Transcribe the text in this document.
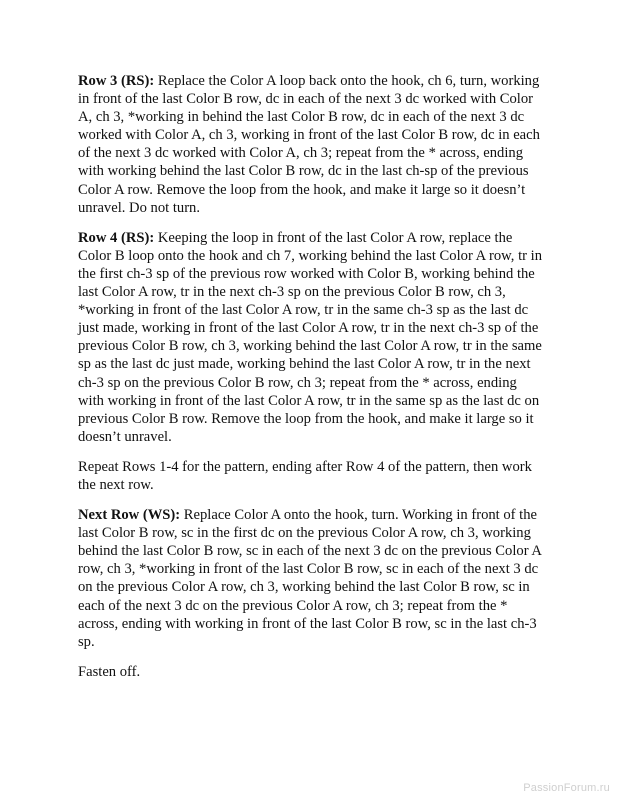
Row 3 (RS): Replace the Color A loop back onto the hook, ch 6, turn, working in front of the last Color B row, dc in each of the next 3 dc worked with Color A, ch 3, *working in behind the last Color B row, dc in each of the next 3 dc worked with Color A, ch 3, working in front of the last Color B row, dc in each of the next 3 dc worked with Color A, ch 3; repeat from the * across, ending with working behind the last Color B row, dc in the last ch-sp of the previous Color A row. Remove the loop from the hook, and make it large so it doesn’t unravel. Do not turn.

Row 4 (RS): Keeping the loop in front of the last Color A row, replace the Color B loop onto the hook and ch 7, working behind the last Color A row, tr in the first ch-3 sp of the previous row worked with Color B, working behind the last Color A row, tr in the next ch-3 sp on the previous Color B row, ch 3, *working in front of the last Color A row, tr in the same ch-3 sp as the last dc just made, working in front of the last Color A row, tr in the next ch-3 sp of the previous Color B row, ch 3, working behind the last Color A row, tr in the same sp as the last dc just made, working behind the last Color A row, tr in the next ch-3 sp on the previous Color B row, ch 3; repeat from the * across, ending with working in front of the last Color A row, tr in the same sp as the last dc on previous Color B row. Remove the loop from the hook, and make it large so it doesn’t unravel.

Repeat Rows 1-4 for the pattern, ending after Row 4 of the pattern, then work the next row.

Next Row (WS): Replace Color A onto the hook, turn. Working in front of the last Color B row, sc in the first dc on the previous Color A row, ch 3, working behind the last Color B row, sc in each of the next 3 dc on the previous Color A row, ch 3, *working in front of the last Color B row, sc in each of the next 3 dc on the previous Color A row, ch 3, working behind the last Color B row, sc in each of the next 3 dc on the previous Color A row, ch 3; repeat from the * across, ending with working in front of the last Color B row, sc in the last ch-3 sp.

Fasten off.

PassionForum.ru
